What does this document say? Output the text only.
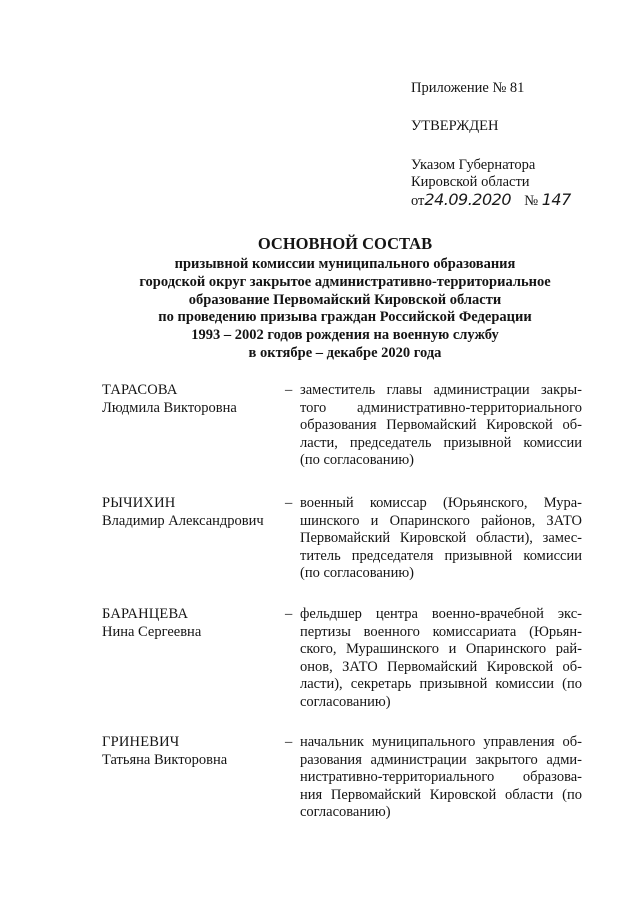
Приложение № 81
УТВЕРЖДЕН
Указом Губернатора
Кировской области
от24.09.2020 № 147
ОСНОВНОЙ СОСТАВ
призывной комиссии муниципального образования
городской округ закрытое административно-территориальное
образование Первомайский Кировской области
по проведению призыва граждан Российской Федерации
1993 – 2002 годов рождения на военную службу
в октябре – декабре 2020 года
ТАРАСОВА
Людмила Викторовна
– заместитель главы администрации закры-
того административно-территориального
образования Первомайский Кировской об-
ласти, председатель призывной комиссии
(по согласованию)
РЫЧИХИН
Владимир Александрович
– военный комиссар (Юрьянского, Мура-
шинского и Опаринского районов, ЗАТО
Первомайский Кировской области), замес-
титель председателя призывной комиссии
(по согласованию)
БАРАНЦЕВА
Нина Сергеевна
– фельдшер центра военно-врачебной экс-
пертизы военного комиссариата (Юрьян-
ского, Мурашинского и Опаринского рай-
онов, ЗАТО Первомайский Кировской об-
ласти), секретарь призывной комиссии (по
согласованию)
ГРИНЕВИЧ
Татьяна Викторовна
– начальник муниципального управления об-
разования администрации закрытого адми-
нистративно-территориального образова-
ния Первомайский Кировской области (по
согласованию)
